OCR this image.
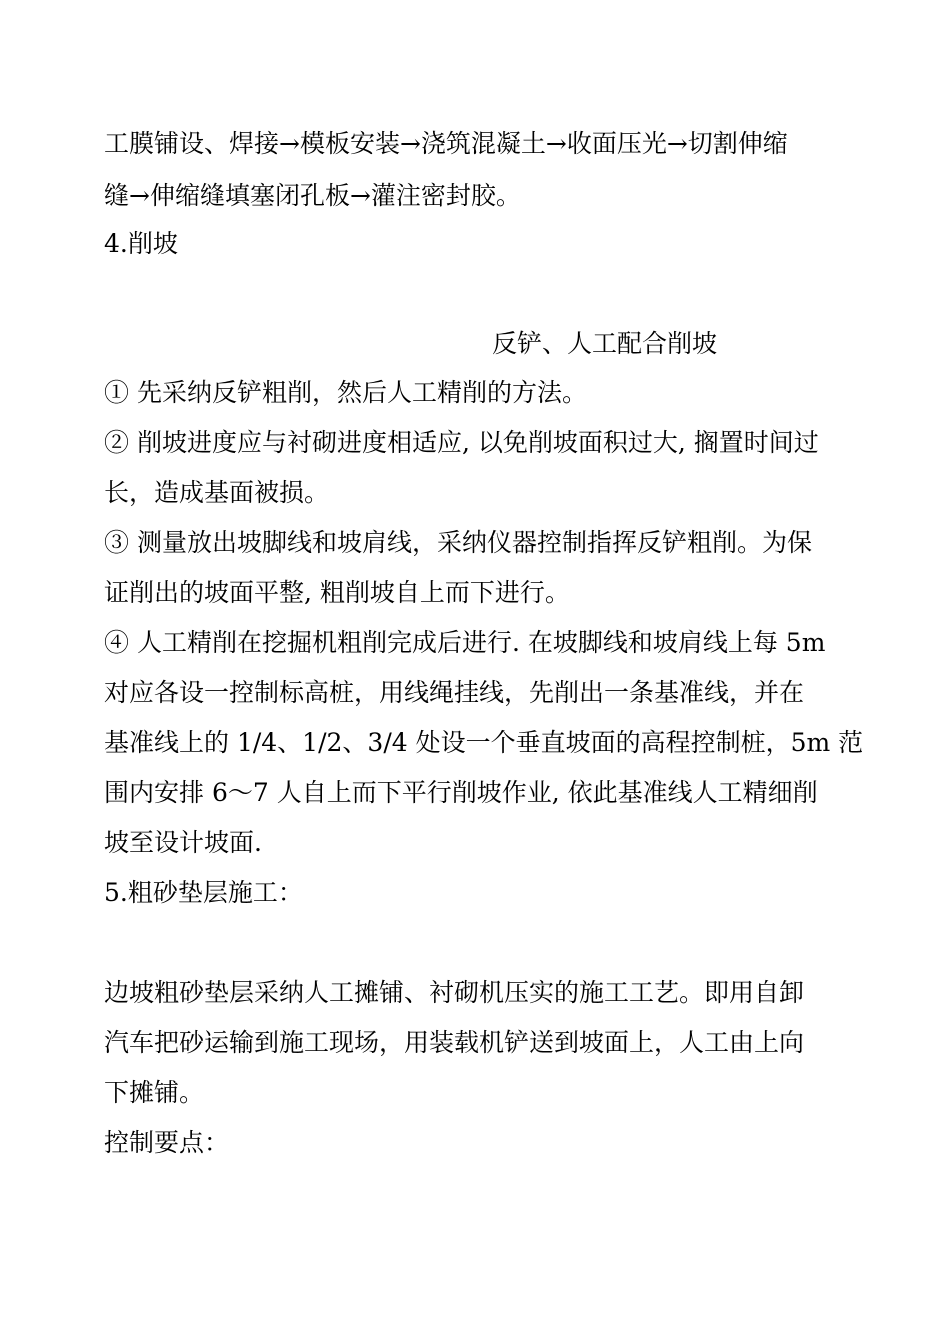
工膜铺设、焊接→模板安装→浇筑混凝土→收面压光→切割伸缩
缝→伸缩缝填塞闭孔板→灌注密封胶。
4.削坡
反铲、人工配合削坡
① 先采纳反铲粗削，然后人工精削的方法。
② 削坡进度应与衬砌进度相适应, 以免削坡面积过大, 搁置时间过
长，造成基面被损。
③ 测量放出坡脚线和坡肩线，采纳仪器控制指挥反铲粗削。为保
证削出的坡面平整, 粗削坡自上而下进行。
④ 人工精削在挖掘机粗削完成后进行. 在坡脚线和坡肩线上每 5m
对应各设一控制标高桩，用线绳挂线，先削出一条基准线，并在
基准线上的 1/4、1/2、3/4 处设一个垂直坡面的高程控制桩，5m 范
围内安排 6～7 人自上而下平行削坡作业, 依此基准线人工精细削
坡至设计坡面.
5.粗砂垫层施工：
边坡粗砂垫层采纳人工摊铺、衬砌机压实的施工工艺。即用自卸
汽车把砂运输到施工现场，用装载机铲送到坡面上，人工由上向
下摊铺。
控制要点：
